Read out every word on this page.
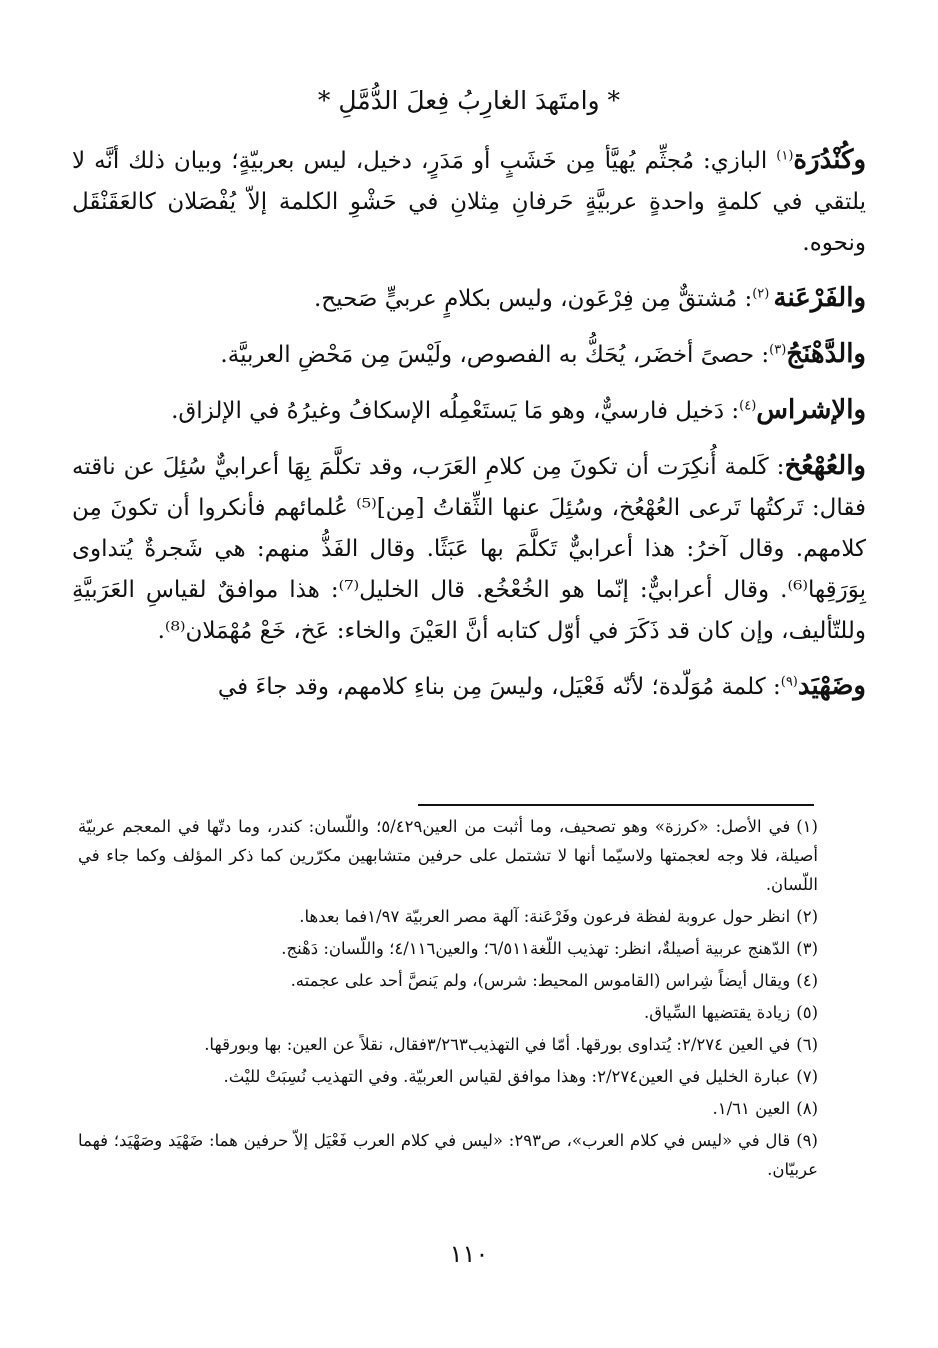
* وامتَهدَ الغارِبُ فِعلَ الدُّمَّلِ *

وكُنْدُرَة$^{(١)}$ البازي: مُجثِّم يُهيَّأ مِن خَشَبٍ أو مَدَرٍ، دخيل، ليس بعربيّةٍ؛ وبيان ذلك أنَّه لا يلتقي في كلمةٍ واحدةٍ عربيَّةٍ حَرفانِ مِثلانِ في حَشْوِ الكلمة إلاّ يُفْصَلان كالعَقَنْقَل ونحوه.

والفَرْعَنة $^{(٢)}$: مُشتقٌّ مِن فِرْعَون، وليس بكلامٍ عربيٍّ صَحيح.

والدَّهْنَجُ$^{(٣)}$: حصىً أخضَر، يُحَكُّ به الفصوص، ولَيْسَ مِن مَحْضِ العربيَّة.

والإشراس$^{(٤)}$: دَخيل فارسيٌّ، وهو مَا يَستَعْمِلُه الإسكافُ وغيرُهُ في الإلزاق.

والعُهْعُخ: كَلمة أُنكِرَت أن تكونَ مِن كلامِ العَرَب، وقد تكلَّمَ بِهَا أعرابيٌّ سُئِلَ عن ناقته فقال: تَركتُها تَرعى العُهْعُخ، وسُئِلَ عنها الثِّقاتُ [مِن]⁽⁵⁾ عُلمائهم فأنكروا أن تكونَ مِن كلامهم. وقال آخرُ: هذا أعرابيٌّ تَكلَّمَ بها عَبَثًا. وقال الفَذُّ منهم: هي شَجرةٌ يُتداوى بِوَرَقِها⁽⁶⁾. وقال أعرابيٌّ: إنّما هو الخُعْخُع. قال الخليل⁽⁷⁾: هذا موافقٌ لقياسِ العَرَبيَّةِ وللتّأليف، وإن كان قد ذَكَرَ في أوّل كتابه أنَّ العَيْنَ والخاء: عَخ، خَعْ مُهْمَلان⁽⁸⁾.

وضَهْيَد$^{(٩)}$: كلمة مُوَلّدة؛ لأنّه فَعْيَل، وليسَ مِن بناءِ كلامهم، وقد جاءَ في

(١)في الأصل: «كرزة» وهو تصحيف، وما أثبت من العين٥/٤٢٩؛ واللّسان: كندر، وما دتّها في المعجم عربيّة أصيلة، فلا وجه لعجمتها ولاسيّما أنها لا تشتمل على حرفين متشابهين مكرّرين كما ذكر المؤلف وكما جاء في اللّسان.

(٢)انظر حول عروبة لفظة فرعون وفَرْعَنة: آلهة مصر العربيّة ١/٩٧فما بعدها.

(٣)الدّهنج عربية أصيلةٌ، انظر: تهذيب اللّغة٦/٥١١؛ والعين٤/١١٦؛ واللّسان: دَهْنج.

(٤)ويقال أيضاً شِراس (القاموس المحيط: شرس)، ولم يَنصَّ أحد على عجمته.

(٥)زيادة يقتضيها السِّياق.

(٦)في العين ٢/٢٧٤: يُتداوى بورقها. أمّا في التهذيب٣/٢٦٣فقال، نقلاً عن العين: بها وبورقها.

(٧)عبارة الخليل في العين٢/٢٧٤: وهذا موافق لقياس العربيّة. وفي التهذيب نُسِبَتْ لليْث.

(٨)العين ١/٦١.

(٩)قال في «ليس في كلام العرب»، ص٢٩٣: «ليس في كلام العرب فَعْيَل إلاّ حرفين هما: ضَهْيَد وصَهْيَد؛ فهما عربيّان.

١١٠
